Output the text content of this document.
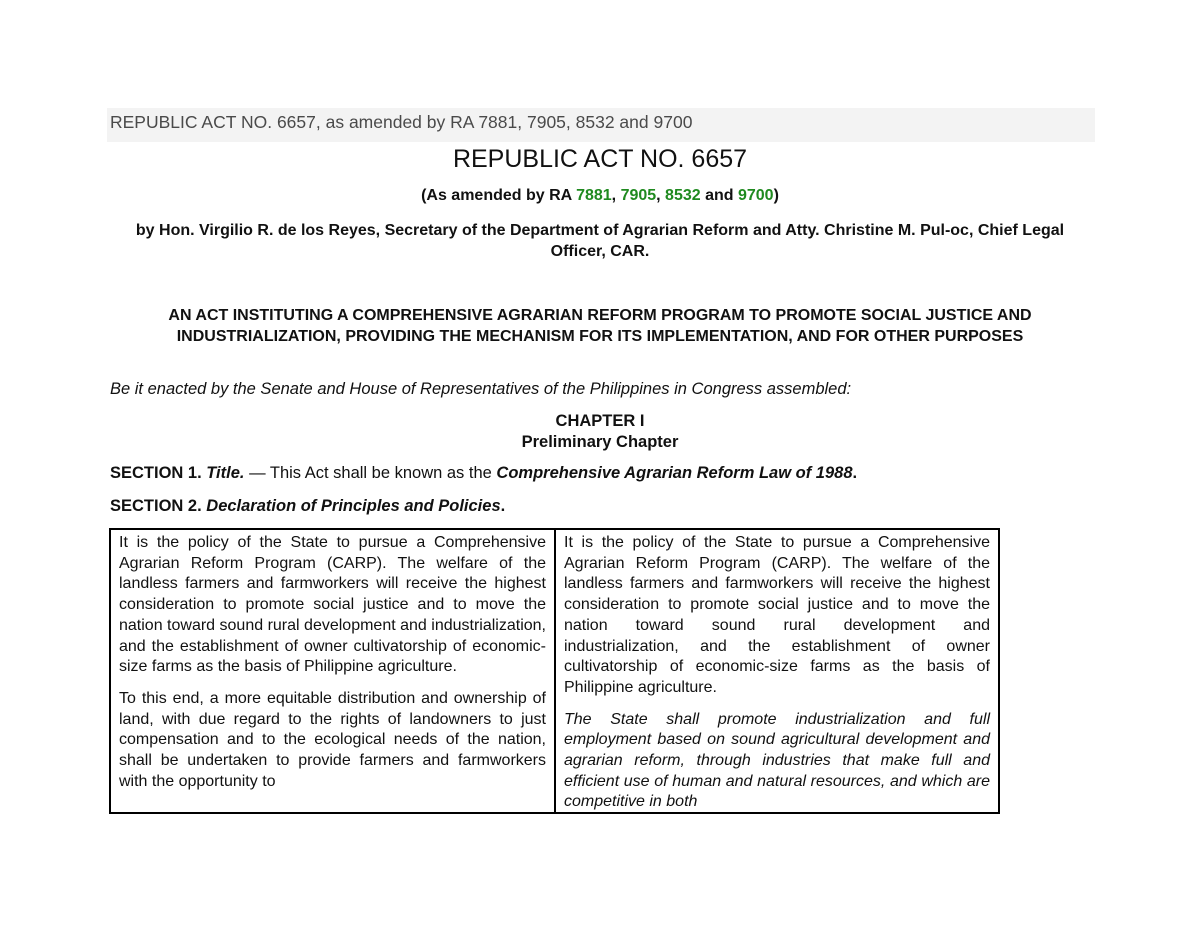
REPUBLIC ACT NO. 6657, as amended by RA 7881, 7905, 8532 and 9700
REPUBLIC ACT NO. 6657
(As amended by RA 7881, 7905, 8532 and 9700)
by Hon. Virgilio R. de los Reyes, Secretary of the Department of Agrarian Reform and Atty. Christine M. Pul-oc, Chief Legal Officer, CAR.
AN ACT INSTITUTING A COMPREHENSIVE AGRARIAN REFORM PROGRAM TO PROMOTE SOCIAL JUSTICE AND INDUSTRIALIZATION, PROVIDING THE MECHANISM FOR ITS IMPLEMENTATION, AND FOR OTHER PURPOSES
Be it enacted by the Senate and House of Representatives of the Philippines in Congress assembled:
CHAPTER I
Preliminary Chapter
SECTION 1. Title. — This Act shall be known as the Comprehensive Agrarian Reform Law of 1988.
SECTION 2. Declaration of Principles and Policies.

It is the policy of the State to pursue a Comprehensive Agrarian Reform Program (CARP). The welfare of the landless farmers and farmworkers will receive the highest consideration to promote social justice and to move the nation toward sound rural development and industrialization, and the establishment of owner cultivatorship of economic-size farms as the basis of Philippine agriculture.

To this end, a more equitable distribution and ownership of land, with due regard to the rights of landowners to just compensation and to the ecological needs of the nation, shall be undertaken to provide farmers and farmworkers with the opportunity to

It is the policy of the State to pursue a Comprehensive Agrarian Reform Program (CARP). The welfare of the landless farmers and farmworkers will receive the highest consideration to promote social justice and to move the nation toward sound rural development and industrialization, and the establishment of owner cultivatorship of economic-size farms as the basis of Philippine agriculture.

The State shall promote industrialization and full employment based on sound agricultural development and agrarian reform, through industries that make full and efficient use of human and natural resources, and which are competitive in both
